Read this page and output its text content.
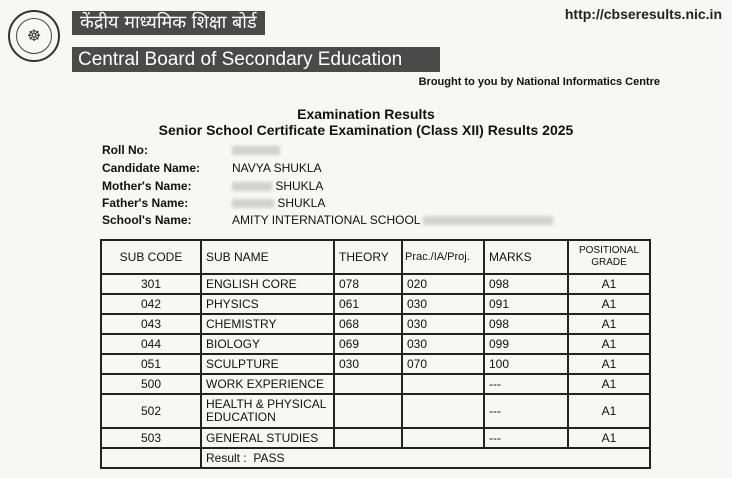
☸
केंद्रीय माध्यमिक शिक्षा बोर्ड
Central Board of Secondary Education
http://cbseresults.nic.in
Brought to you by National Informatics Centre
Examination Results
Senior School Certificate Examination (Class XII) Results 2025
Roll No:
Candidate Name:	NAVYA SHUKLA
Mother's Name:	SHUKLA
Father's Name:	SHUKLA
School's Name:	AMITY INTERNATIONAL SCHOOL
SUB CODE	SUB NAME	THEORY	Prac./IA/Proj.	MARKS	POSITIONAL GRADE
301	ENGLISH CORE	078	020	098	A1
042	PHYSICS	061	030	091	A1
043	CHEMISTRY	068	030	098	A1
044	BIOLOGY	069	030	099	A1
051	SCULPTURE	030	070	100	A1
500	WORK EXPERIENCE			---	A1
502	HEALTH & PHYSICAL EDUCATION			---	A1
503	GENERAL STUDIES			---	A1
	Result : PASS				
